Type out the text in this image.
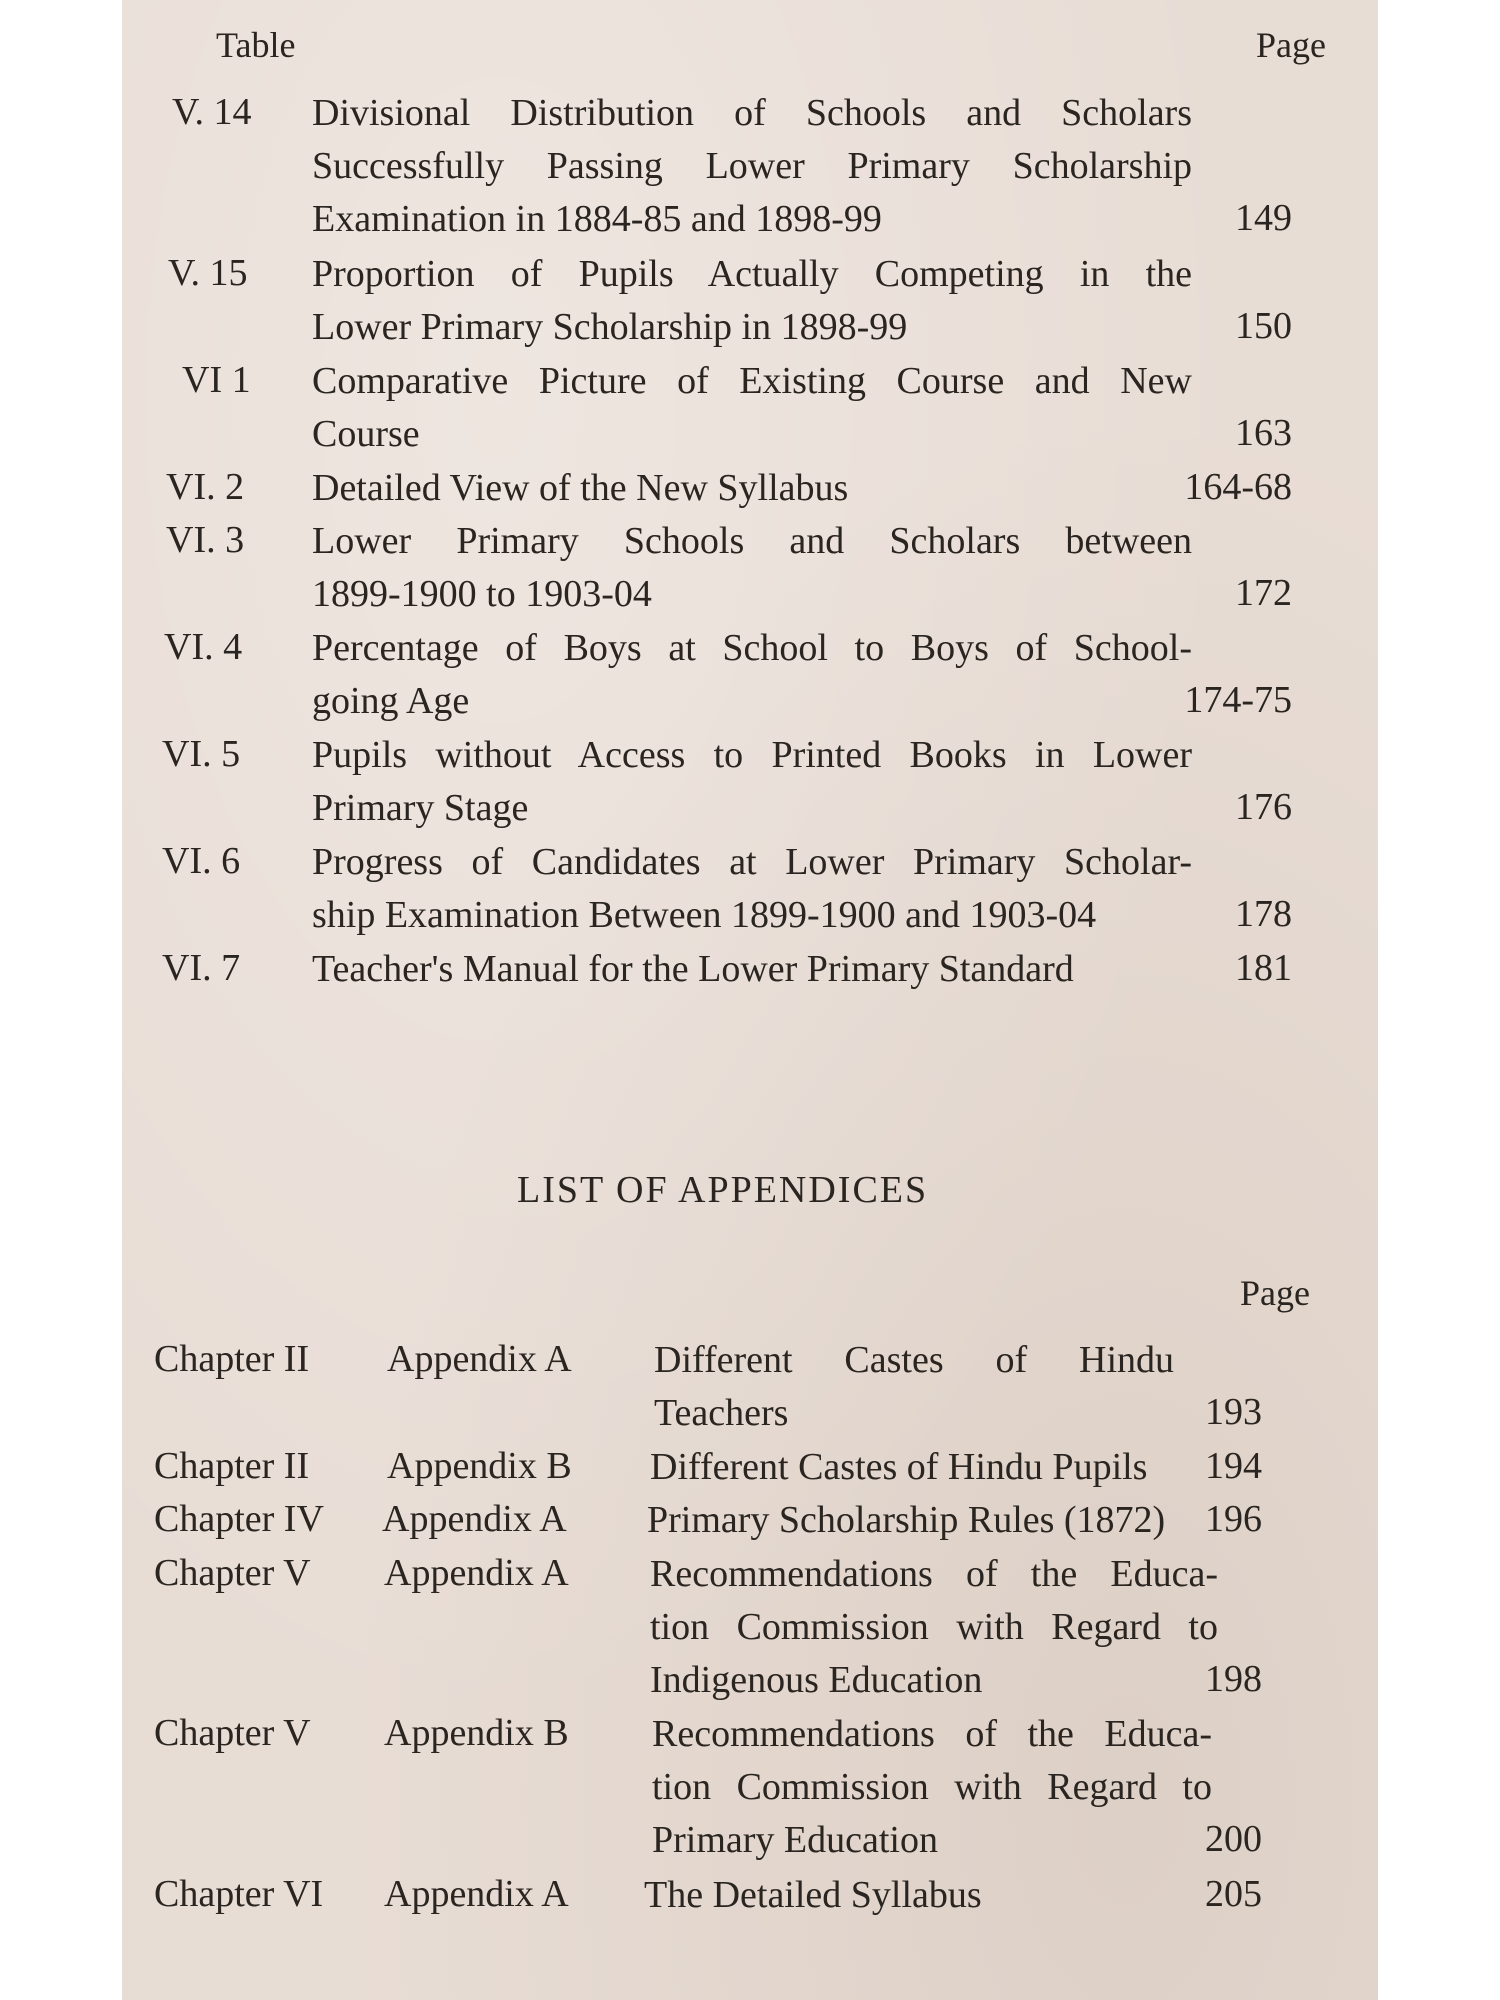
Table	Page
V. 14 Divisional Distribution of Schools and Scholars
Successfully Passing Lower Primary Scholarship
Examination in 1884-85 and 1898-99	149
V. 15 Proportion of Pupils Actually Competing in the
Lower Primary Scholarship in 1898-99	150
VI 1 Comparative Picture of Existing Course and New
Course	163
VI. 2 Detailed View of the New Syllabus	164-68
VI. 3 Lower Primary Schools and Scholars between
1899-1900 to 1903-04	172
VI. 4 Percentage of Boys at School to Boys of School-
going Age	174-75
VI. 5 Pupils without Access to Printed Books in Lower
Primary Stage	176
VI. 6 Progress of Candidates at Lower Primary Scholar-
ship Examination Between 1899-1900 and 1903-04	178
VI. 7 Teacher's Manual for the Lower Primary Standard	181
LIST OF APPENDICES
Page
Chapter II Appendix A Different Castes of Hindu
Teachers	193
Chapter II Appendix B Different Castes of Hindu Pupils	194
Chapter IV Appendix A Primary Scholarship Rules (1872)	196
Chapter V Appendix A Recommendations of the Educa-
tion Commission with Regard to
Indigenous Education	198
Chapter V Appendix B Recommendations of the Educa-
tion Commission with Regard to
Primary Education	200
Chapter VI Appendix A The Detailed Syllabus	205
